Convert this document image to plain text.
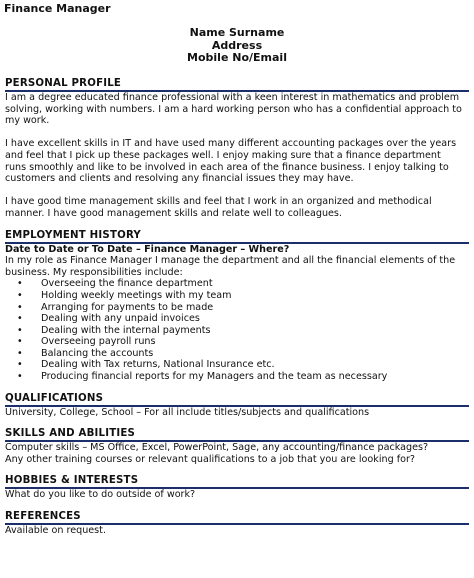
Finance Manager
Name Surname
Address
Mobile No/Email
PERSONAL PROFILE
I am a degree educated finance professional with a keen interest in mathematics and problem
solving, working with numbers. I am a hard working person who has a confidential approach to
my work.
I have excellent skills in IT and have used many different accounting packages over the years
and feel that I pick up these packages well. I enjoy making sure that a finance department
runs smoothly and like to be involved in each area of the finance business. I enjoy talking to
customers and clients and resolving any financial issues they may have.
I have good time management skills and feel that I work in an organized and methodical
manner. I have good management skills and relate well to colleagues.
EMPLOYMENT HISTORY
Date to Date or To Date – Finance Manager – Where?
In my role as Finance Manager I manage the department and all the financial elements of the
business. My responsibilities include:
• Overseeing the finance department
• Holding weekly meetings with my team
• Arranging for payments to be made
• Dealing with any unpaid invoices
• Dealing with the internal payments
• Overseeing payroll runs
• Balancing the accounts
• Dealing with Tax returns, National Insurance etc.
• Producing financial reports for my Managers and the team as necessary
QUALIFICATIONS
University, College, School – For all include titles/subjects and qualifications
SKILLS AND ABILITIES
Computer skills – MS Office, Excel, PowerPoint, Sage, any accounting/finance packages?
Any other training courses or relevant qualifications to a job that you are looking for?
HOBBIES & INTERESTS
What do you like to do outside of work?
REFERENCES
Available on request.
